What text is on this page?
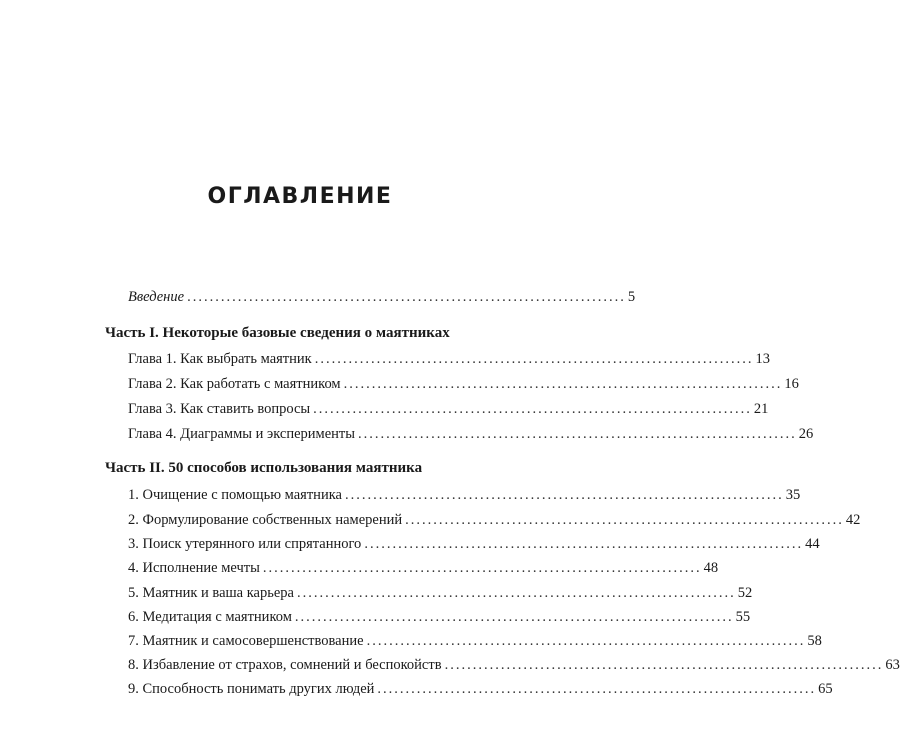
ОГЛАВЛЕНИЕ
Введение .............................................................................. 5
Часть I. Некоторые базовые сведения о маятниках
Глава 1. Как выбрать маятник .............................................................................. 13
Глава 2. Как работать с маятником .............................................................................. 16
Глава 3. Как ставить вопросы .............................................................................. 21
Глава 4. Диаграммы и эксперименты .............................................................................. 26
Часть II. 50 способов использования маятника
1. Очищение с помощью маятника .............................................................................. 35
2. Формулирование собственных намерений .............................................................................. 42
3. Поиск утерянного или спрятанного .............................................................................. 44
4. Исполнение мечты .............................................................................. 48
5. Маятник и ваша карьера .............................................................................. 52
6. Медитация с маятником .............................................................................. 55
7. Маятник и самосовершенствование .............................................................................. 58
8. Избавление от страхов, сомнений и беспокойств .............................................................................. 63
9. Способность понимать других людей .............................................................................. 65
